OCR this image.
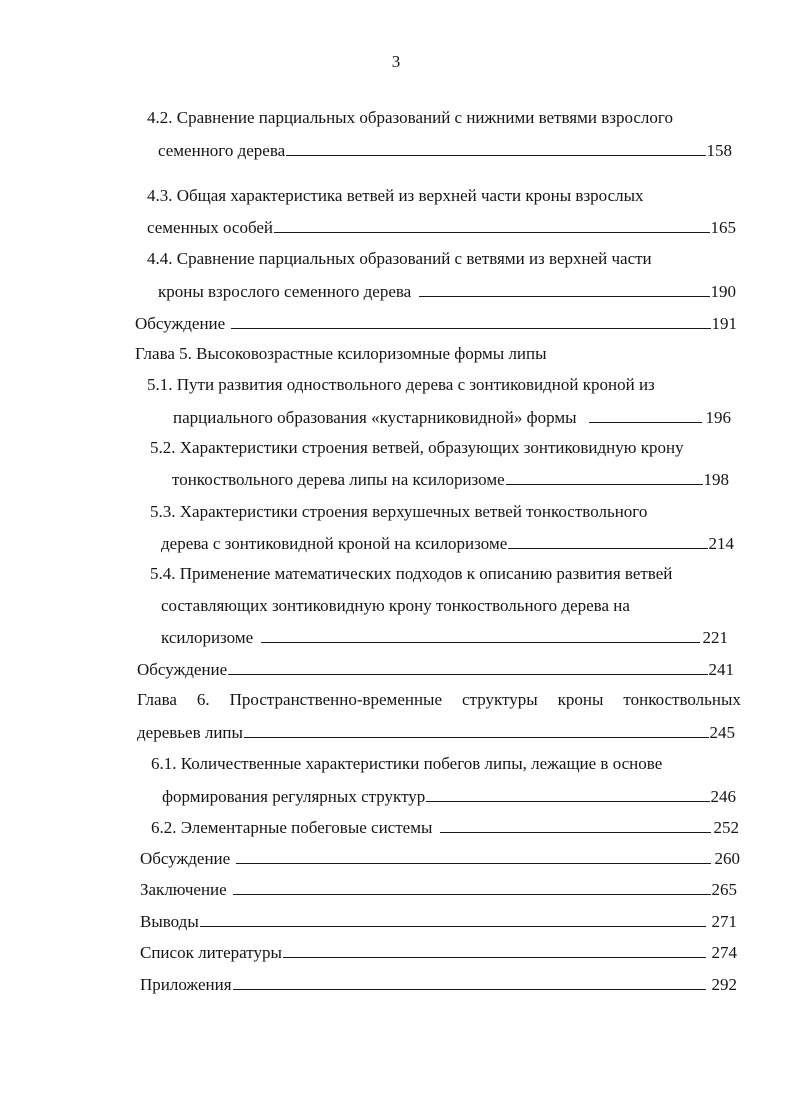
3
4.2. Сравнение парциальных образований с нижними ветвями взрослого
семенного дерева	158
4.3. Общая характеристика ветвей из верхней части кроны взрослых
семенных особей	165
4.4. Сравнение парциальных образований с ветвями из верхней части
кроны взрослого семенного дерева	190
Обсуждение	191
Глава 5. Высоковозрастные ксилоризомные формы липы
5.1. Пути развития одноствольного дерева с зонтиковидной кроной из
парциального образования «кустарниковидной» формы	196
5.2. Характеристики строения ветвей, образующих зонтиковидную крону
тонкоствольного дерева липы на ксилоризоме	198
5.3. Характеристики строения верхушечных ветвей тонкоствольного
дерева с зонтиковидной кроной на ксилоризоме	214
5.4. Применение математических подходов к описанию развития ветвей
составляющих зонтиковидную крону тонкоствольного дерева на
ксилоризоме	221
Обсуждение	241
Глава 6. Пространственно-временные структуры кроны тонкоствольных
деревьев липы	245
6.1. Количественные характеристики побегов липы, лежащие в основе
формирования регулярных структур	246
6.2. Элементарные побеговые системы	252
Обсуждение	260
Заключение	265
Выводы	271
Список литературы	274
Приложения	292
